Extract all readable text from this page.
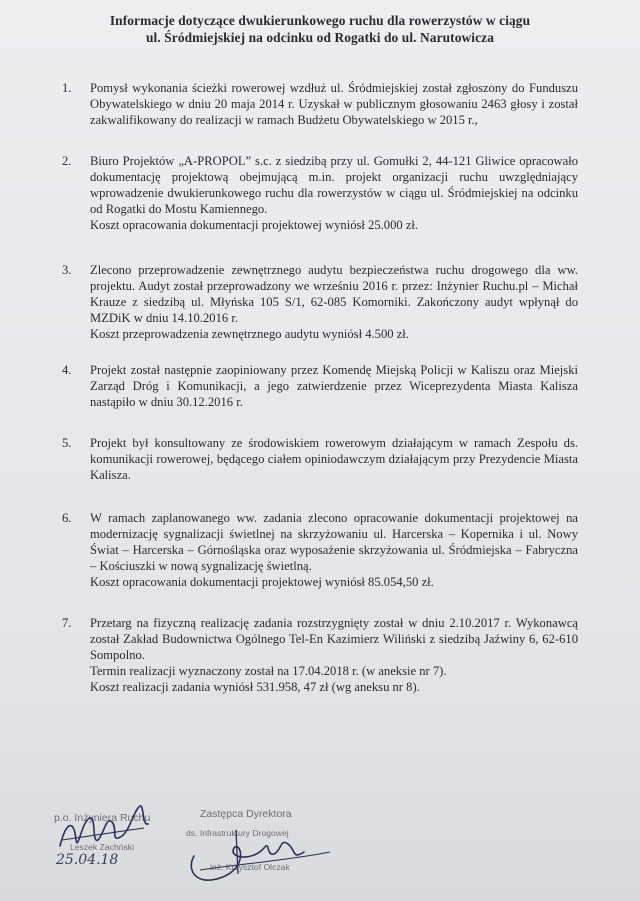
Informacje dotyczące dwukierunkowego ruchu dla rowerzystów w ciągu
ul. Śródmiejskiej na odcinku od Rogatki do ul. Narutowicza
1.	Pomysł wykonania ścieżki rowerowej wzdłuż ul. Śródmiejskiej został zgłoszony do Funduszu Obywatelskiego w dniu 20 maja 2014 r. Uzyskał w publicznym głosowaniu 2463 głosy i został zakwalifikowany do realizacji w ramach Budżetu Obywatelskiego w 2015 r.,
2.	Biuro Projektów „A-PROPOL” s.c. z siedzibą przy ul. Gomułki 2, 44-121 Gliwice opracowało dokumentację projektową obejmującą m.in. projekt organizacji ruchu uwzględniający wprowadzenie dwukierunkowego ruchu dla rowerzystów w ciągu ul. Śródmiejskiej na odcinku od Rogatki do Mostu Kamiennego.
Koszt opracowania dokumentacji projektowej wyniósł 25.000 zł.
3.	Zlecono przeprowadzenie zewnętrznego audytu bezpieczeństwa ruchu drogowego dla ww. projektu. Audyt został przeprowadzony we wrześniu 2016 r. przez: Inżynier Ruchu.pl – Michał Krauze z siedzibą ul. Młyńska 105 S/1, 62-085 Komorniki. Zakończony audyt wpłynął do MZDiK w dniu 14.10.2016 r.
Koszt przeprowadzenia zewnętrznego audytu wyniósł 4.500 zł.
4.	Projekt został następnie zaopiniowany przez Komendę Miejską Policji w Kaliszu oraz Miejski Zarząd Dróg i Komunikacji, a jego zatwierdzenie przez Wiceprezydenta Miasta Kalisza nastąpiło w dniu 30.12.2016 r.
5.	Projekt był konsultowany ze środowiskiem rowerowym działającym w ramach Zespołu ds. komunikacji rowerowej, będącego ciałem opiniodawczym działającym przy Prezydencie Miasta Kalisza.
6.	W ramach zaplanowanego ww. zadania zlecono opracowanie dokumentacji projektowej na modernizację sygnalizacji świetlnej na skrzyżowaniu ul. Harcerska – Kopernika i ul. Nowy Świat – Harcerska – Górnośląska oraz wyposażenie skrzyżowania ul. Śródmiejska – Fabryczna – Kościuszki w nową sygnalizację świetlną.
Koszt opracowania dokumentacji projektowej wyniósł 85.054,50 zł.
7.	Przetarg na fizyczną realizację zadania rozstrzygnięty został w dniu 2.10.2017 r. Wykonawcą został Zakład Budownictwa Ogólnego Tel-En Kazimierz Wiliński z siedzibą Jaźwiny 6, 62-610 Sompolno.
Termin realizacji wyznaczony został na 17.04.2018 r. (w aneksie nr 7).
Koszt realizacji zadania wyniósł 531.958, 47 zł (wg aneksu nr 8).
p.o. Inżyniera Ruchu
Leszek Zachński
25.04.18
Zastępca Dyrektora
ds. Infrastruktury Drogowej
inż. Krzysztof Olczak
